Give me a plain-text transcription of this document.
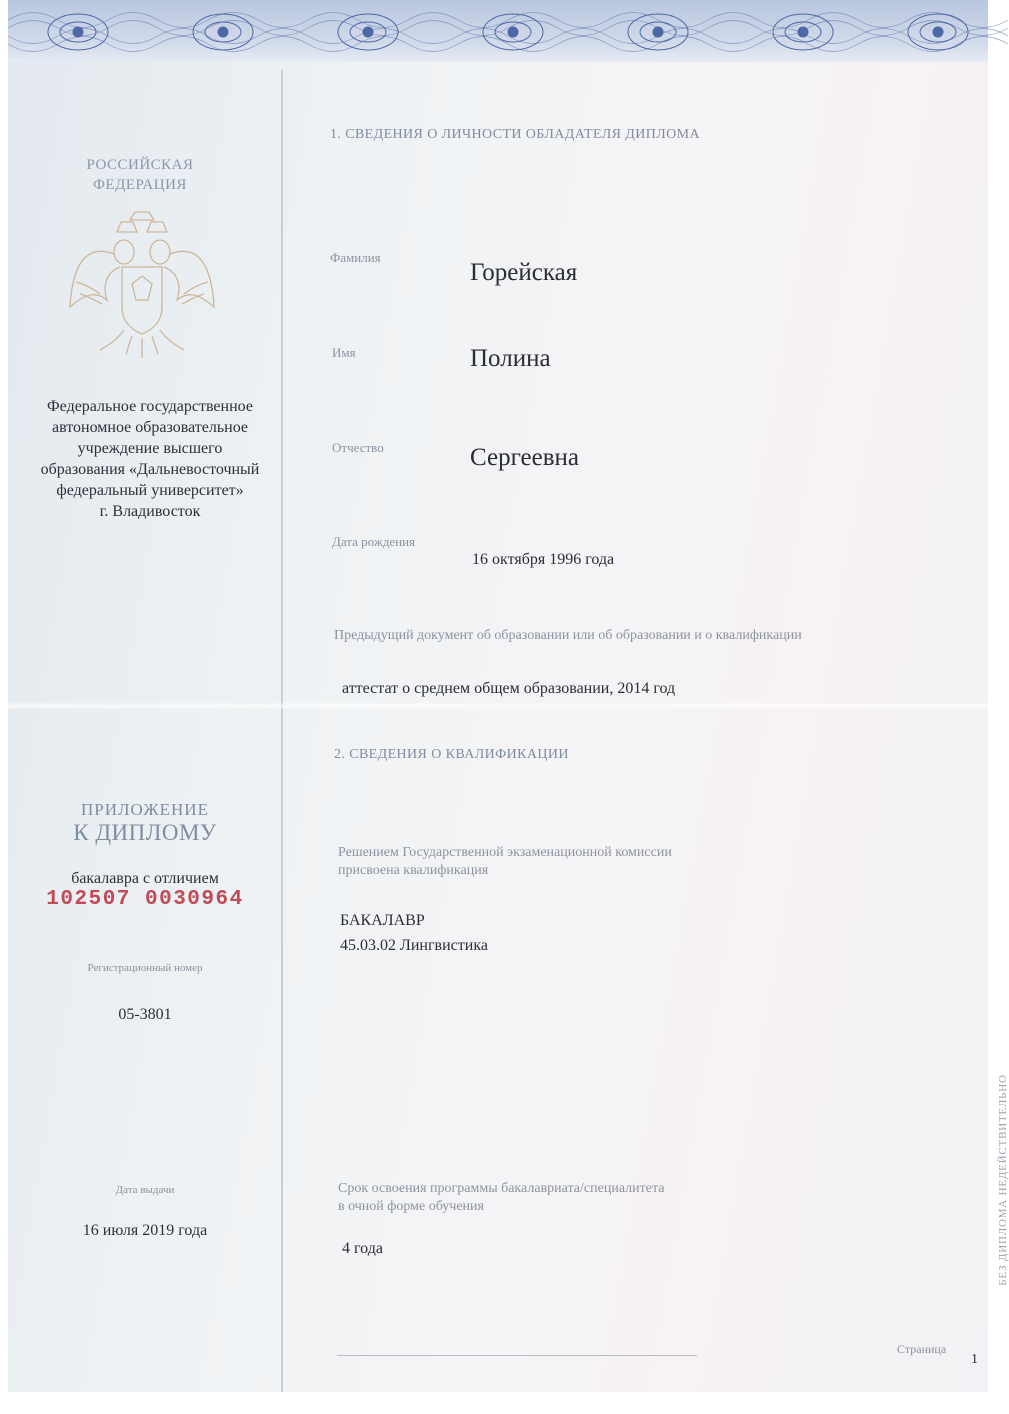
РОССИЙСКАЯ
ФЕДЕРАЦИЯ
Федеральное государственное
автономное образовательное
учреждение высшего
образования «Дальневосточный
федеральный университет»
г. Владивосток
ПРИЛОЖЕНИЕ
К ДИПЛОМУ
бакалавра с отличием
102507 0030964
Регистрационный номер
05-3801
Дата выдачи
16 июля 2019 года
1. СВЕДЕНИЯ О ЛИЧНОСТИ ОБЛАДАТЕЛЯ ДИПЛОМА
Фамилия
Горейская
Имя	Полина
Отчество	Сергеевна
Дата рождения
16 октября 1996 года
Предыдущий документ об образовании или об образовании и о квалификации
аттестат о среднем общем образовании, 2014 год
2. СВЕДЕНИЯ О КВАЛИФИКАЦИИ
Решением Государственной экзаменационной комиссии
присвоена квалификация
БАКАЛАВР
45.03.02 Лингвистика
Срок освоения программы бакалавриата/специалитета
в очной форме обучения
4 года	БЕЗ ДИПЛОМА НЕДЕЙСТВИТЕЛЬНО
Страница
1
